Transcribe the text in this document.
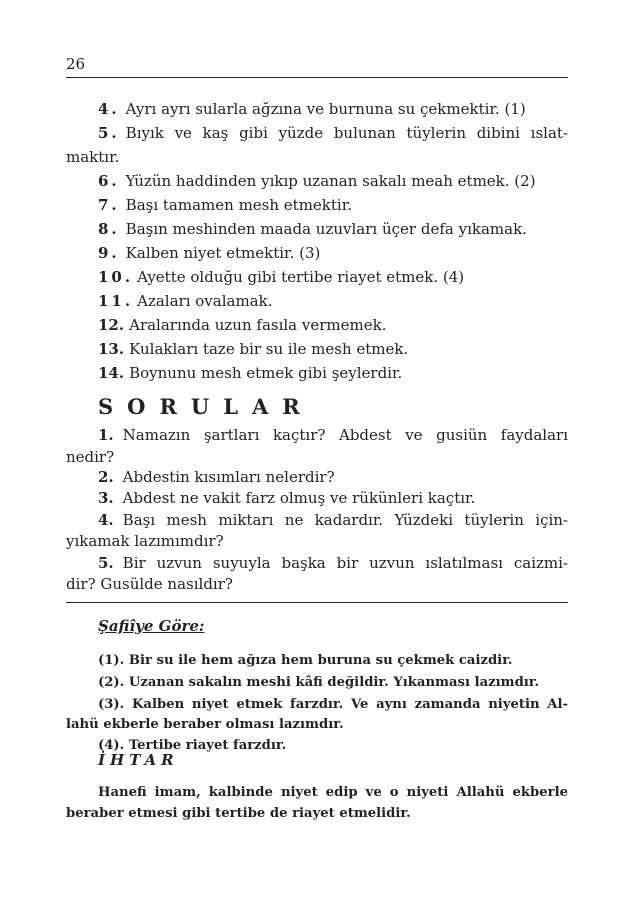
26
4. Ayrı ayrı sularla ağzına ve burnuna su çekmektir. (1)
5. Bıyık ve kaş gibi yüzde bulunan tüylerin dibini ıslat-
maktır.
6. Yüzün haddinden yıkıp uzanan sakalı meah etmek. (2)
7. Başı tamamen mesh etmektir.
8. Başın meshinden maada uzuvları üçer defa yıkamak.
9. Kalben niyet etmektir. (3)
10. Ayette olduğu gibi tertibe riayet etmek. (4)
11. Azaları ovalamak.
12. Aralarında uzun fasıla vermemek.
13. Kulakları taze bir su ile mesh etmek.
14. Boynunu mesh etmek gibi şeylerdir.
SORULAR
1. Namazın şartları kaçtır? Abdest ve gusiün faydaları
nedir?
2. Abdestin kısımları nelerdir?
3. Abdest ne vakit farz olmuş ve rükünleri kaçtır.
4. Başı mesh miktarı ne kadardır. Yüzdeki tüylerin için-
yıkamak lazımımdır?
5. Bir uzvun suyuyla başka bir uzvun ıslatılması caizmi-
dir? Gusülde nasıldır?
Şafiîye Göre:
(1). Bir su ile hem ağıza hem buruna su çekmek caizdir.
(2). Uzanan sakalın meshi kâfi değildir. Yıkanması lazımdır.
(3). Kalben niyet etmek farzdır. Ve aynı zamanda niyetin Al-
lahü ekberle beraber olması lazımdır.
(4). Tertibe riayet farzdır.
İHTAR
Hanefi imam, kalbinde niyet edip ve o niyeti Allahü ekberle
beraber etmesi gibi tertibe de riayet etmelidir.
